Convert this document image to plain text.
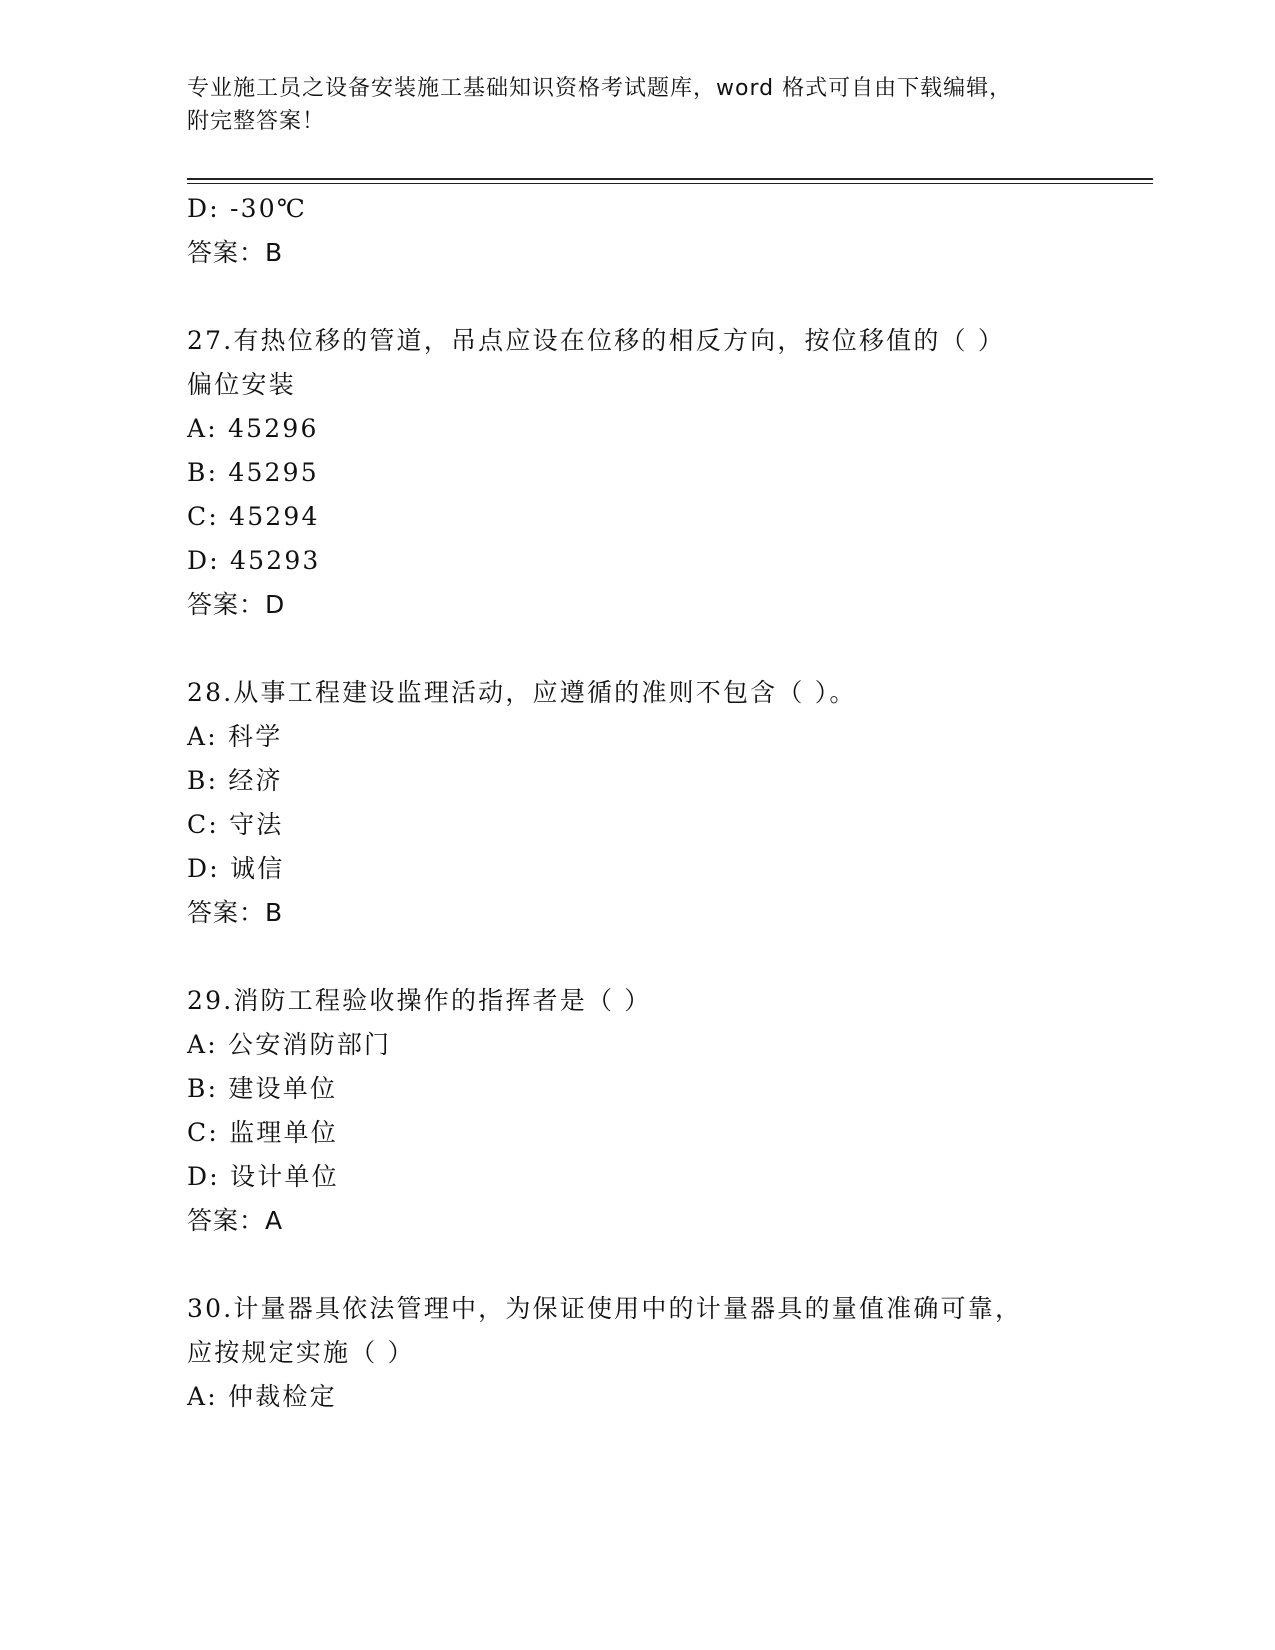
专业施工员之设备安装施工基础知识资格考试题库，word 格式可自由下载编辑，
附完整答案！
D: -30℃
答案：B
27.有热位移的管道，吊点应设在位移的相反方向，按位移值的（ ）
偏位安装
A: 45296
B: 45295
C: 45294
D: 45293
答案：D
28.从事工程建设监理活动，应遵循的准则不包含（ ）。
A: 科学
B: 经济
C: 守法
D: 诚信
答案：B
29.消防工程验收操作的指挥者是（ ）
A: 公安消防部门
B: 建设单位
C: 监理单位
D: 设计单位
答案：A
30.计量器具依法管理中，为保证使用中的计量器具的量值准确可靠，
应按规定实施（ ）
A: 仲裁检定
